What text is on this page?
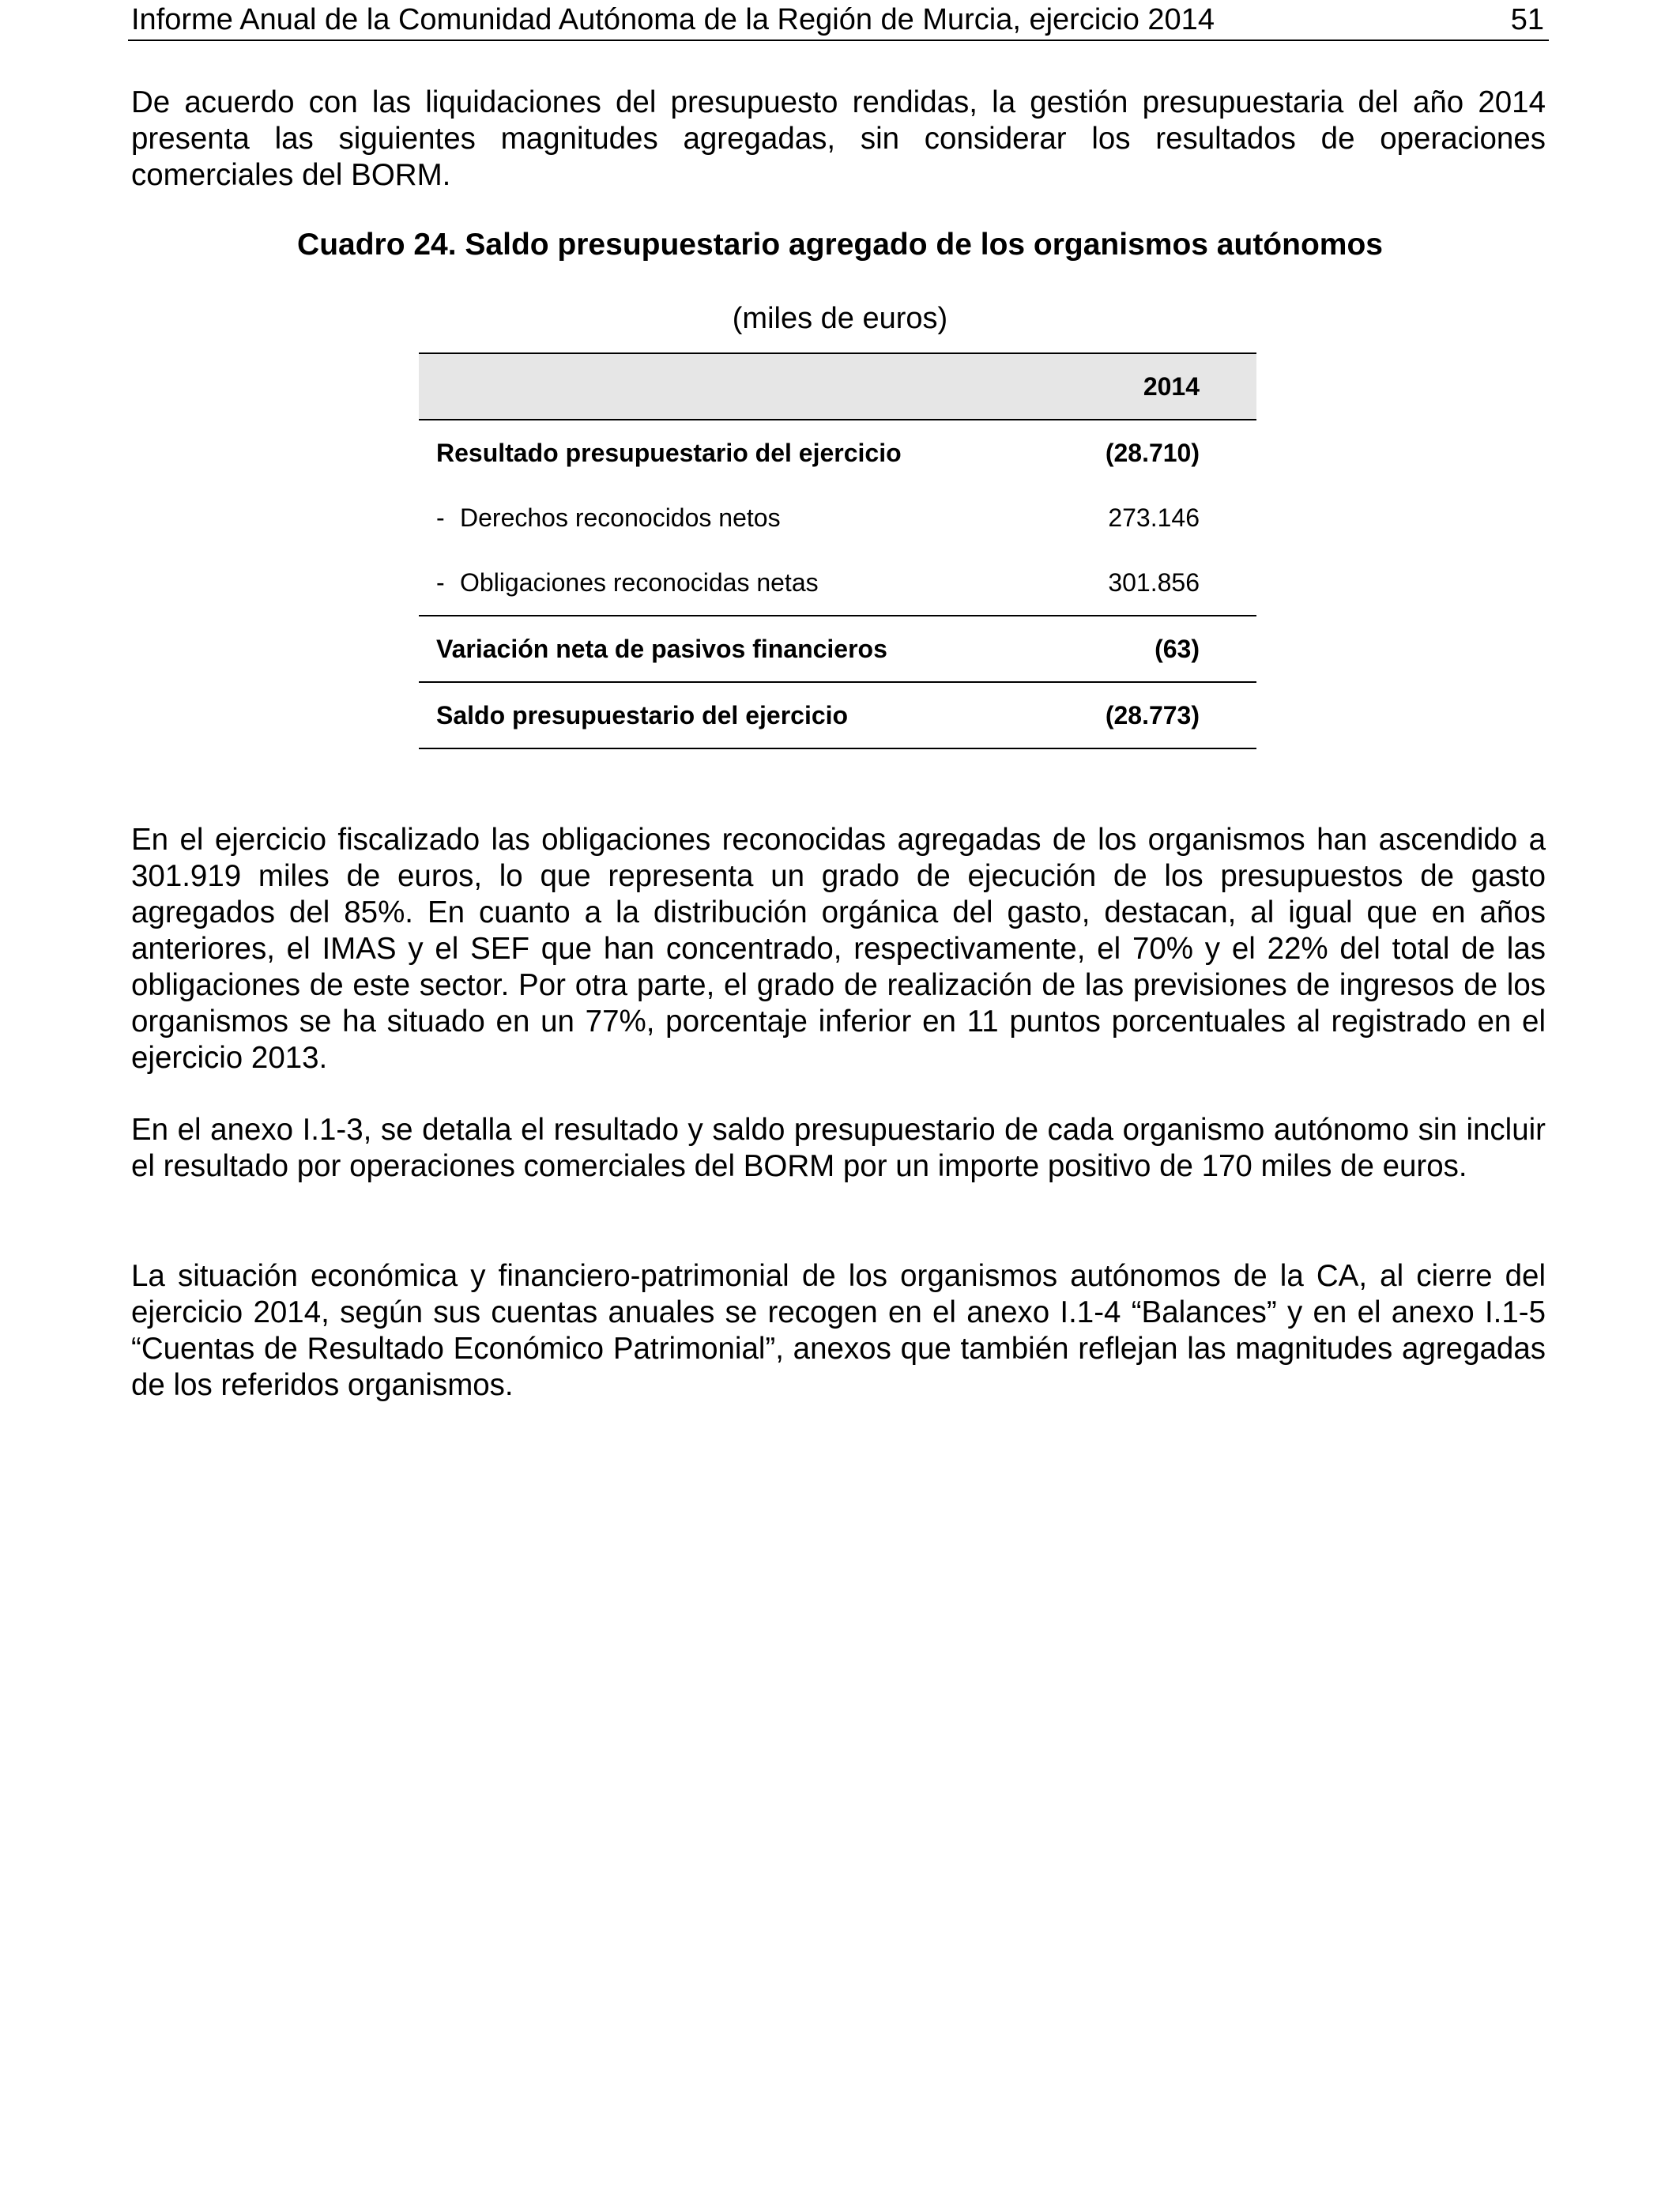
Informe Anual de la Comunidad Autónoma de la Región de Murcia, ejercicio 2014	51

De acuerdo con las liquidaciones del presupuesto rendidas, la gestión presupuestaria del año 2014 presenta las siguientes magnitudes agregadas, sin considerar los resultados de operaciones comerciales del BORM.

Cuadro 24. Saldo presupuestario agregado de los organismos autónomos
(miles de euros)
2014
Resultado presupuestario del ejercicio	(28.710)
- Derechos reconocidos netos	273.146
- Obligaciones reconocidas netas	301.856
Variación neta de pasivos financieros	(63)
Saldo presupuestario del ejercicio	(28.773)

En el ejercicio fiscalizado las obligaciones reconocidas agregadas de los organismos han ascendido a 301.919 miles de euros, lo que representa un grado de ejecución de los presupuestos de gasto agregados del 85%. En cuanto a la distribución orgánica del gasto, destacan, al igual que en años anteriores, el IMAS y el SEF que han concentrado, respectivamente, el 70% y el 22% del total de las obligaciones de este sector. Por otra parte, el grado de realización de las previsiones de ingresos de los organismos se ha situado en un 77%, porcentaje inferior en 11 puntos porcentuales al registrado en el ejercicio 2013.

En el anexo I.1-3, se detalla el resultado y saldo presupuestario de cada organismo autónomo sin incluir el resultado por operaciones comerciales del BORM por un importe positivo de 170 miles de euros.

La situación económica y financiero-patrimonial de los organismos autónomos de la CA, al cierre del ejercicio 2014, según sus cuentas anuales se recogen en el anexo I.1-4 “Balances” y en el anexo I.1-5 “Cuentas de Resultado Económico Patrimonial”, anexos que también reflejan las magnitudes agregadas de los referidos organismos.
